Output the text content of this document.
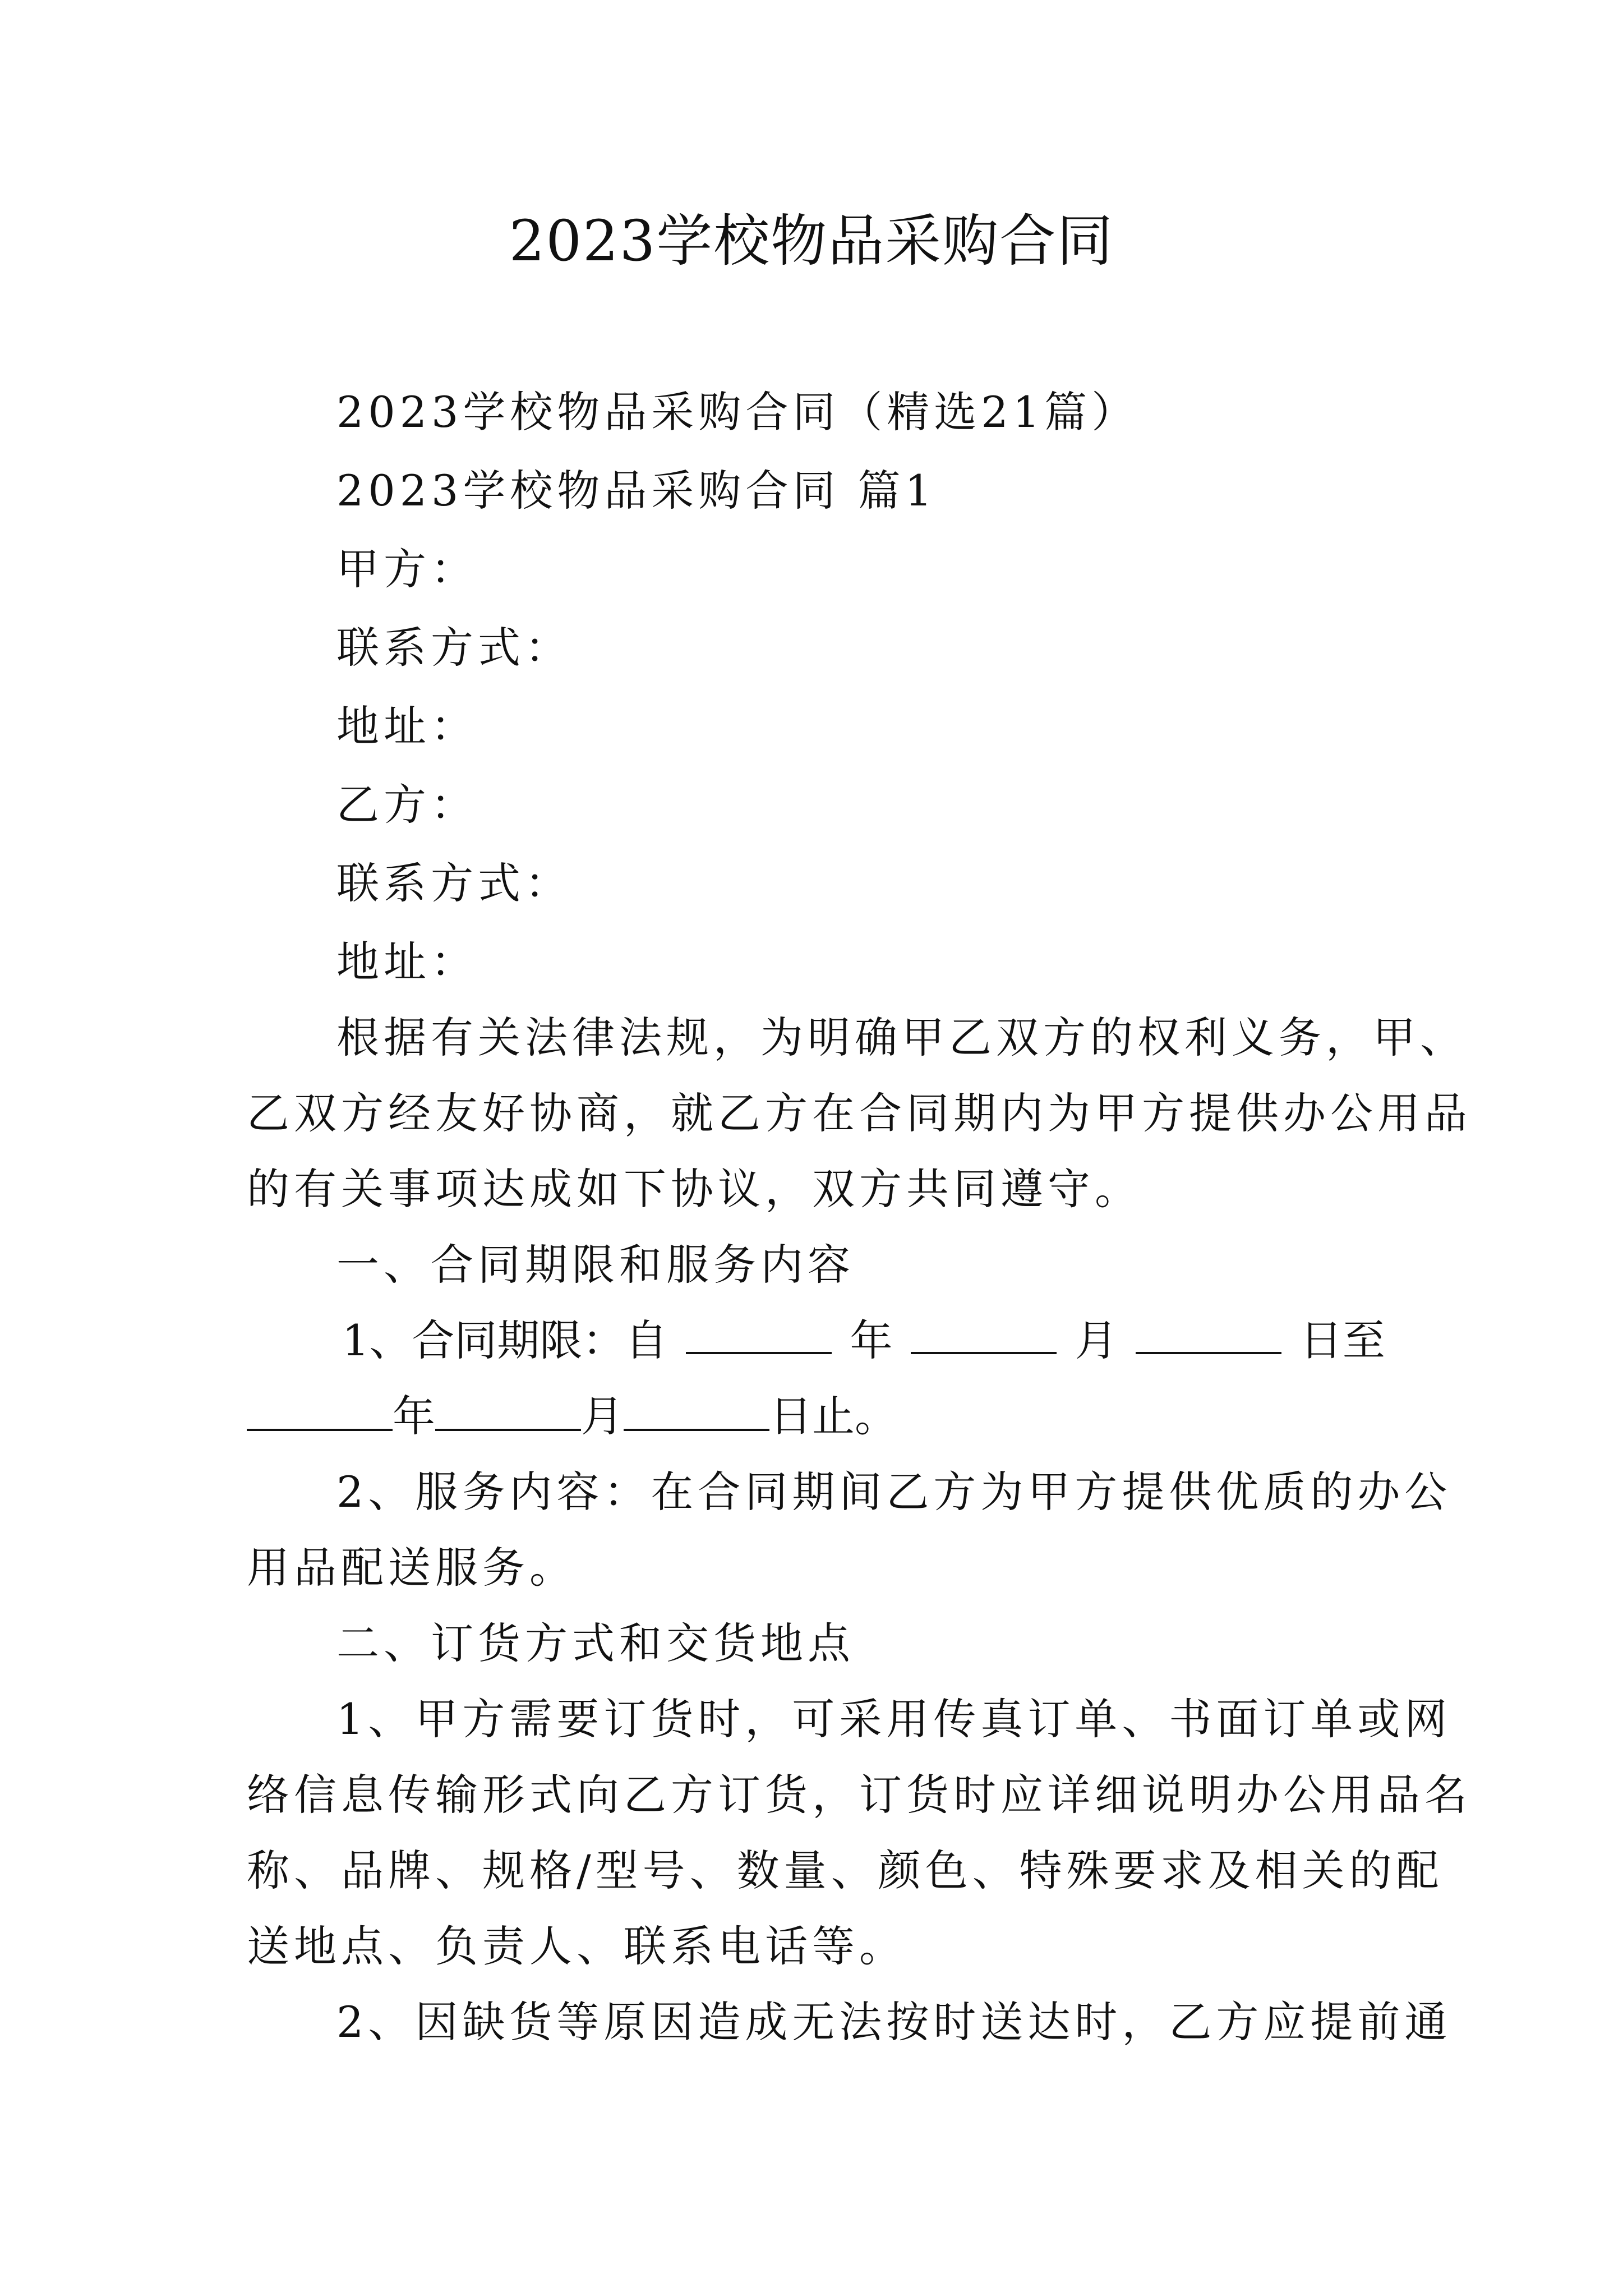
2023学校物品采购合同
2023学校物品采购合同（精选21篇）
2023学校物品采购合同 篇1
甲方：
联系方式：
地址：
乙方：
联系方式：
地址：
根据有关法律法规，为明确甲乙双方的权利义务，甲、
乙双方经友好协商，就乙方在合同期内为甲方提供办公用品
的有关事项达成如下协议，双方共同遵守。
一、合同期限和服务内容
1、合同期限：自	年	月	日至
年	月	日止。
2、服务内容：在合同期间乙方为甲方提供优质的办公
用品配送服务。
二、订货方式和交货地点
1、甲方需要订货时，可采用传真订单、书面订单或网
络信息传输形式向乙方订货，订货时应详细说明办公用品名
称、品牌、规格/型号、数量、颜色、特殊要求及相关的配
送地点、负责人、联系电话等。
2、因缺货等原因造成无法按时送达时，乙方应提前通
